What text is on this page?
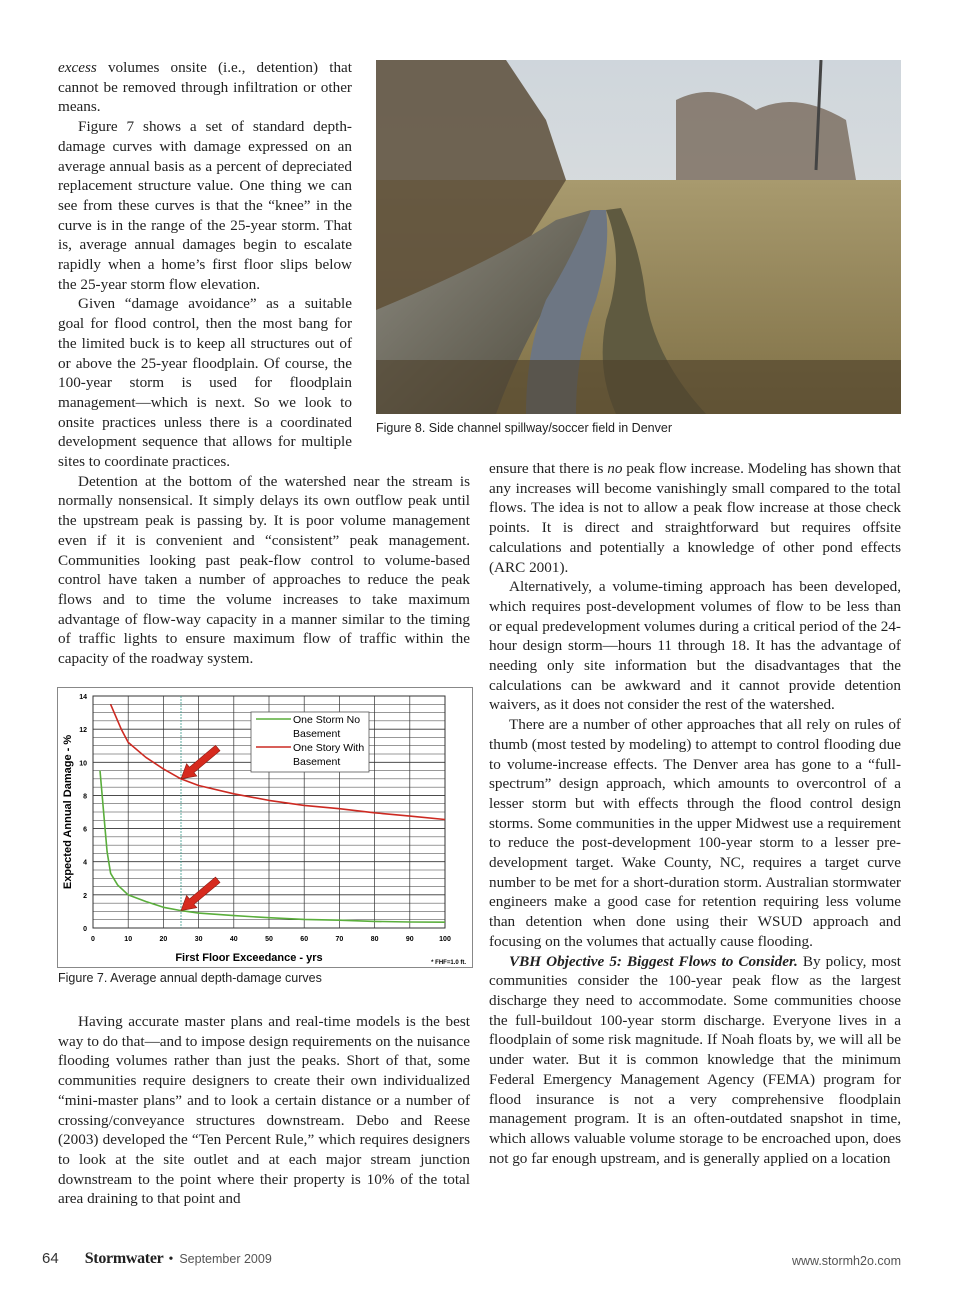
excess volumes onsite (i.e., detention) that cannot be removed through infiltration or other means.

Figure 7 shows a set of standard depth-damage curves with damage expressed on an average annual basis as a percent of depreciated replacement structure value. One thing we can see from these curves is that the “knee” in the curve is in the range of the 25-year storm. That is, average annual damages begin to escalate rapidly when a home’s first floor slips below the 25-year storm flow elevation.

Given “damage avoidance” as a suitable goal for flood control, then the most bang for the limited buck is to keep all structures out of or above the 25-year floodplain. Of course, the 100-year storm is used for floodplain management—which is next. So we look to onsite practices unless there is a coordinated development sequence that allows for multiple sites to coordinate practices.

Detention at the bottom of the watershed near the stream is normally nonsensical. It simply delays its own outflow peak until the upstream peak is passing by. It is poor volume management even if it is convenient and “consistent” peak management. Communities looking past peak-flow control to volume-based control have taken a number of approaches to reduce the peak flows and to time the volume increases to take maximum advantage of flow-way capacity in a manner similar to the timing of traffic lights to ensure maximum flow of traffic within the capacity of the roadway system.

Figure 8. Side channel spillway/soccer field in Denver
0
2
4
6
8
10
12
14
0	10	20	30	40	50	60	70	80	90	100
First Floor Exceedance - yrs
Expected Annual Damage - %
* FHF=1.0 ft.
One Storm No Basement
One Story With Basement
Figure 7. Average annual depth-damage curves

Having accurate master plans and real-time models is the best way to do that—and to impose design requirements on the nuisance flooding volumes rather than just the peaks. Short of that, some communities require designers to create their own individualized “mini-master plans” and to look a certain distance or a number of crossing/conveyance structures downstream. Debo and Reese (2003) developed the “Ten Percent Rule,” which requires designers to look at the site outlet and at each major stream junction downstream to the point where their property is 10% of the total area draining to that point and

64 Stormwater • September 2009	www.stormh2o.com

ensure that there is no peak flow increase. Modeling has shown that any increases will become vanishingly small compared to the total flows. The idea is not to allow a peak flow increase at those check points. It is direct and straightforward but requires offsite calculations and potentially a knowledge of other pond effects (ARC 2001).

Alternatively, a volume-timing approach has been developed, which requires post-development volumes of flow to be less than or equal predevelopment volumes during a critical period of the 24-hour design storm—hours 11 through 18. It has the advantage of needing only site information but the disadvantages that the calculations can be awkward and it cannot provide detention waivers, as it does not consider the rest of the watershed.

There are a number of other approaches that all rely on rules of thumb (most tested by modeling) to attempt to control flooding due to volume-increase effects. The Denver area has gone to a “full-spectrum” design approach, which amounts to overcontrol of a lesser storm but with effects through the flood control design storms. Some communities in the upper Midwest use a requirement to reduce the post-development 100-year storm to a lesser pre-development target. Wake County, NC, requires a target curve number to be met for a short-duration storm. Australian stormwater engineers make a good case for retention requiring less volume than detention when done using their WSUD approach and focusing on the volumes that actually cause flooding.

VBH Objective 5: Biggest Flows to Consider. By policy, most communities consider the 100-year peak flow as the largest discharge they need to accommodate. Some communities choose the full-buildout 100-year storm discharge. Everyone lives in a floodplain of some risk magnitude. If Noah floats by, we will all be under water. But it is common knowledge that the minimum Federal Emergency Management Agency (FEMA) program for flood insurance is not a very comprehensive floodplain management program. It is an often-outdated snapshot in time, which allows valuable volume storage to be encroached upon, does not go far enough upstream, and is generally applied on a location
